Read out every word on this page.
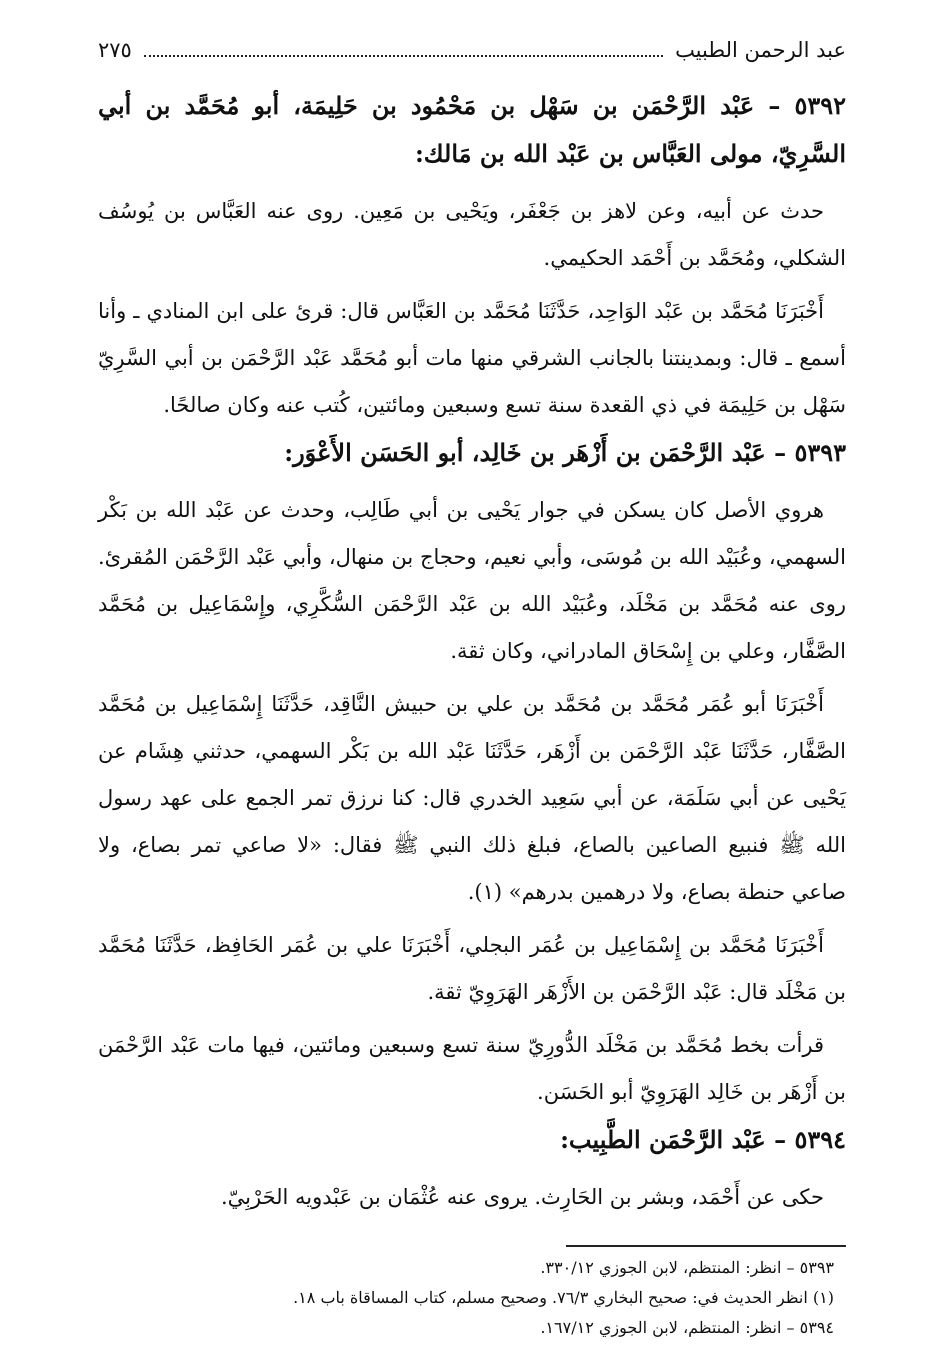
عبد الرحمن الطبيب
٢٧٥

٥٣٩٢ – عَبْد الرَّحْمَن بن سَهْل بن مَحْمُود بن حَلِيمَة، أبو مُحَمَّد بن أبي السَّرِيّ، مولى العَبَّاس بن عَبْد الله بن مَالك:

حدث عن أبيه، وعن لاهز بن جَعْفَر، ويَحْيى بن مَعِين. روى عنه العَبَّاس بن يُوسُف الشكلي، ومُحَمَّد بن أَحْمَد الحكيمي.

أَخْبَرَنَا مُحَمَّد بن عَبْد الوَاحِد، حَدَّثَنَا مُحَمَّد بن العَبَّاس قال: قرئ على ابن المنادي ـ وأنا أسمع ـ قال: وبمدينتنا بالجانب الشرقي منها مات أبو مُحَمَّد عَبْد الرَّحْمَن بن أبي السَّرِيّ سَهْل بن حَلِيمَة في ذي القعدة سنة تسع وسبعين ومائتين، كُتب عنه وكان صالحًا.

٥٣٩٣ – عَبْد الرَّحْمَن بن أَزْهَر بن خَالِد، أبو الحَسَن الأَعْوَر:

هروي الأصل كان يسكن في جوار يَحْيى بن أبي طَالِب، وحدث عن عَبْد الله بن بَكْر السهمي، وعُبَيْد الله بن مُوسَى، وأبي نعيم، وحجاج بن منهال، وأبي عَبْد الرَّحْمَن المُقرئ. روى عنه مُحَمَّد بن مَخْلَد، وعُبَيْد الله بن عَبْد الرَّحْمَن السُّكَّرِي، وإِسْمَاعِيل بن مُحَمَّد الصَّفَّار، وعلي بن إِسْحَاق المادراني، وكان ثقة.

أَخْبَرَنَا أبو عُمَر مُحَمَّد بن مُحَمَّد بن علي بن حبيش النَّاقِد، حَدَّثَنَا إِسْمَاعِيل بن مُحَمَّد الصَّفَّار، حَدَّثَنَا عَبْد الرَّحْمَن بن أَزْهَر، حَدَّثَنَا عَبْد الله بن بَكْر السهمي، حدثني هِشَام عن يَحْيى عن أبي سَلَمَة، عن أبي سَعِيد الخدري قال: كنا نرزق تمر الجمع على عهد رسول الله ﷺ فنبيع الصاعين بالصاع، فبلغ ذلك النبي ﷺ فقال: «لا صاعي تمر بصاع، ولا صاعي حنطة بصاع، ولا درهمين بدرهم» (١).

أَخْبَرَنَا مُحَمَّد بن إِسْمَاعِيل بن عُمَر البجلي، أَخْبَرَنَا علي بن عُمَر الحَافِظ، حَدَّثَنَا مُحَمَّد بن مَخْلَد قال: عَبْد الرَّحْمَن بن الأَزْهَر الهَرَوِيّ ثقة.

قرأت بخط مُحَمَّد بن مَخْلَد الدُّورِيّ سنة تسع وسبعين ومائتين، فيها مات عَبْد الرَّحْمَن بن أَزْهَر بن خَالِد الهَرَوِيّ أبو الحَسَن.

٥٣٩٤ – عَبْد الرَّحْمَن الطَّبِيب:

حكى عن أَحْمَد، وبشر بن الحَارِث. يروى عنه عُثْمَان بن عَبْدويه الحَرْبِيّ.

٥٣٩٣ – انظر: المنتظم، لابن الجوزي ٣٣٠/١٢.

(١) انظر الحديث في: صحيح البخاري ٧٦/٣. وصحيح مسلم، كتاب المساقاة باب ١٨.

٥٣٩٤ – انظر: المنتظم، لابن الجوزي ١٦٧/١٢.
